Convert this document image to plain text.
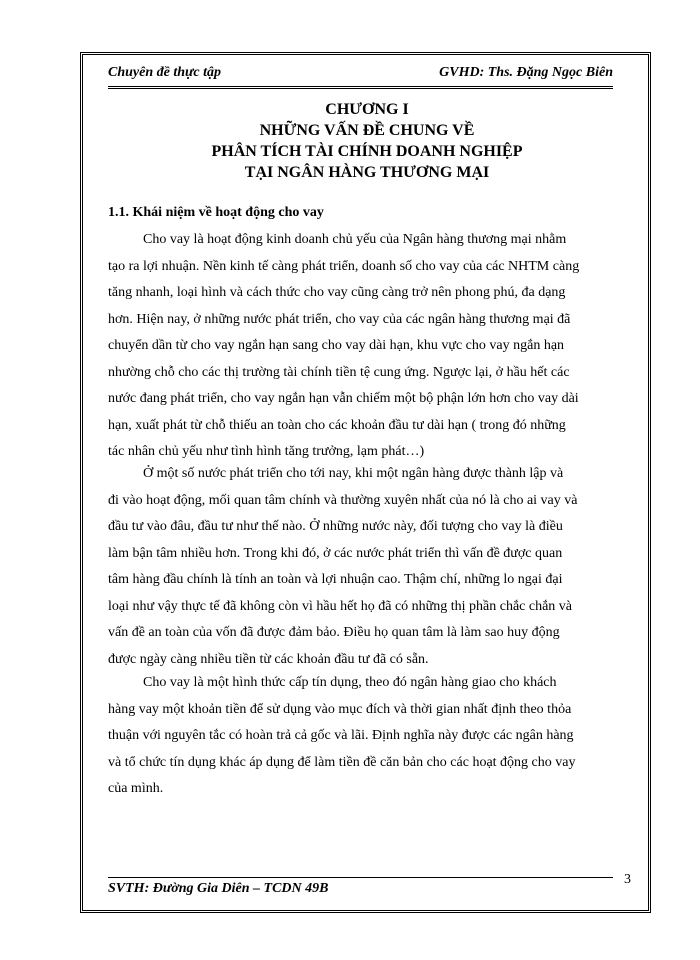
Chuyên đề thực tập	GVHD: Ths. Đặng Ngọc Biên
CHƯƠNG I
NHỮNG VẤN ĐỀ CHUNG VỀ
PHÂN TÍCH TÀI CHÍNH DOANH NGHIỆP
TẠI NGÂN HÀNG THƯƠNG MẠI
1.1. Khái niệm về hoạt động cho vay
Cho vay là hoạt động kinh doanh chủ yếu của Ngân hàng thương mại nhằm
tạo ra lợi nhuận. Nền kinh tế càng phát triển, doanh số cho vay của các NHTM càng
tăng nhanh, loại hình và cách thức cho vay cũng càng trở nên phong phú, đa dạng
hơn. Hiện nay, ở những nước phát triển, cho vay của các ngân hàng thương mại đã
chuyển dần từ cho vay ngắn hạn sang cho vay dài hạn, khu vực cho vay ngắn hạn
nhường chỗ cho các thị trường tài chính tiền tệ cung ứng. Ngược lại, ở hầu hết các
nước đang phát triển, cho vay ngắn hạn vẫn chiếm một bộ phận lớn hơn cho vay dài
hạn, xuất phát từ chỗ thiếu an toàn cho các khoản đầu tư dài hạn ( trong đó những
tác nhân chủ yếu như tình hình tăng trưởng, lạm phát…)
Ở một số nước phát triển cho tới nay, khi một ngân hàng được thành lập và
đi vào hoạt động, mối quan tâm chính và thường xuyên nhất của nó là cho ai vay và
đầu tư vào đâu, đầu tư như thế nào. Ở những nước này, đối tượng cho vay là điều
làm bận tâm nhiều hơn. Trong khi đó, ở các nước phát triển thì vấn đề được quan
tâm hàng đầu chính là tính an toàn và lợi nhuận cao. Thậm chí, những lo ngại đại
loại như vậy thực tế đã không còn vì hầu hết họ đã có những thị phần chắc chắn và
vấn đề an toàn của vốn đã được đảm bảo. Điều họ quan tâm là làm sao huy động
được ngày càng nhiều tiền từ các khoản đầu tư đã có sẵn.
Cho vay là một hình thức cấp tín dụng, theo đó ngân hàng giao cho khách
hàng vay một khoản tiền để sử dụng vào mục đích và thời gian nhất định theo thỏa
thuận với nguyên tắc có hoàn trả cả gốc và lãi. Định nghĩa này được các ngân hàng
và tổ chức tín dụng khác áp dụng để làm tiền đề căn bản cho các hoạt động cho vay
của mình.
SVTH: Đường Gia Diên – TCDN 49B
3
